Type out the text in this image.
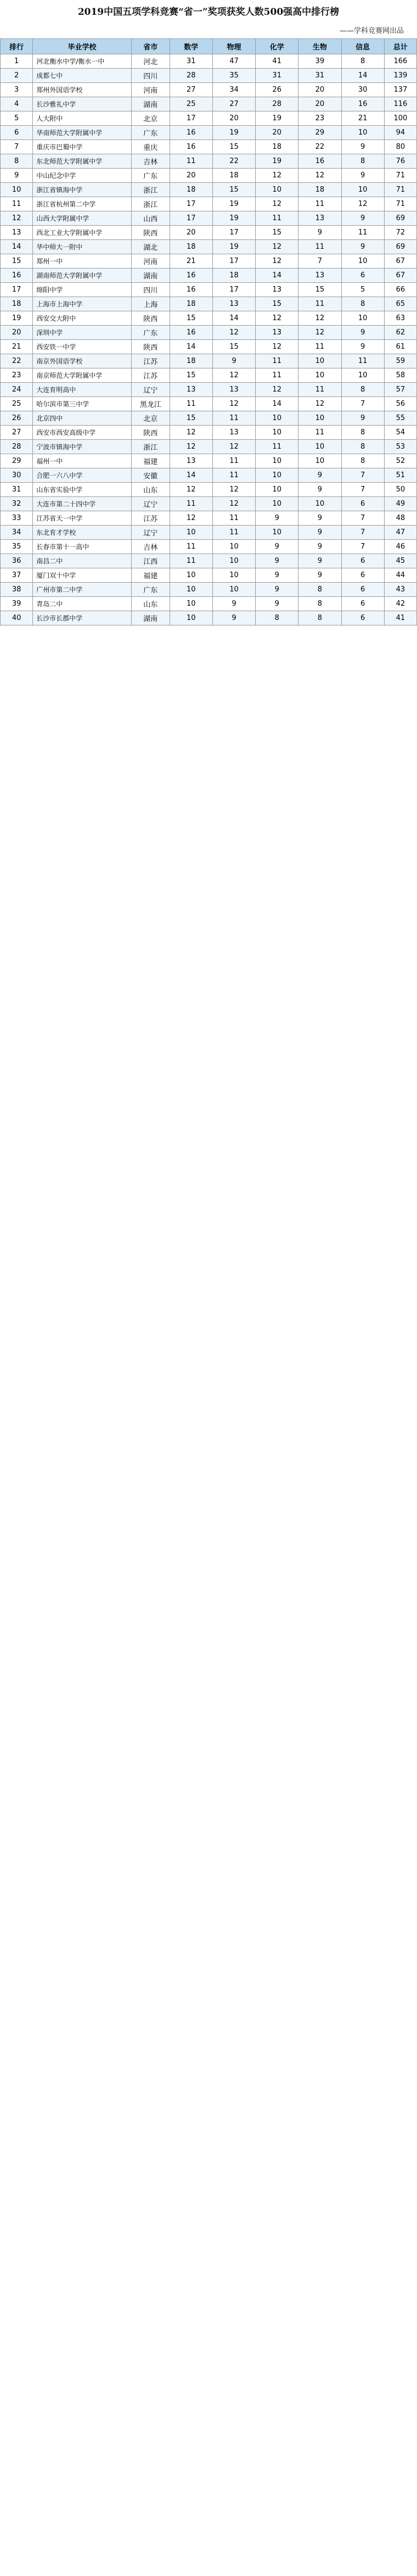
2019中国五项学科竞赛“省一”奖项获奖人数500强高中排行榜
——学科竞赛网出品
排行	毕业学校	省市	数学	物理	化学	生物	信息	总计
1	河北衡水中学/衡水一中	河北	31	47	41	39	8	166
2	成都七中	四川	28	35	31	31	14	139
3	郑州外国语学校	河南	27	34	26	20	30	137
4	长沙雅礼中学	湖南	25	27	28	20	16	116
5	人大附中	北京	17	20	19	23	21	100
6	华南师范大学附属中学	广东	16	19	20	29	10	94
7	重庆市巴蜀中学	重庆	16	15	18	22	9	80
8	东北师范大学附属中学	吉林	11	22	19	16	8	76
9	中山纪念中学	广东	20	18	12	12	9	71
10	浙江省镇海中学	浙江	18	15	10	18	10	71
11	浙江省杭州第二中学	浙江	17	19	12	11	12	71
12	山西大学附属中学	山西	17	19	11	13	9	69
13	西北工业大学附属中学	陕西	20	17	15	9	11	72
14	华中师大一附中	湖北	18	19	12	11	9	69
15	郑州一中	河南	21	17	12	7	10	67
16	湖南师范大学附属中学	湖南	16	18	14	13	6	67
17	绵阳中学	四川	16	17	13	15	5	66
18	上海市上海中学	上海	18	13	15	11	8	65
19	西安交大附中	陕西	15	14	12	12	10	63
20	深圳中学	广东	16	12	13	12	9	62
21	西安铁一中学	陕西	14	15	12	11	9	61
22	南京外国语学校	江苏	18	9	11	10	11	59
23	南京师范大学附属中学	江苏	15	12	11	10	10	58
24	大连育明高中	辽宁	13	13	12	11	8	57
25	哈尔滨市第三中学	黑龙江	11	12	14	12	7	56
26	北京四中	北京	15	11	10	10	9	55
27	西安市西安高级中学	陕西	12	13	10	11	8	54
28	宁波市镇海中学	浙江	12	12	11	10	8	53
29	福州一中	福建	13	11	10	10	8	52
30	合肥一六八中学	安徽	14	11	10	9	7	51
31	山东省实验中学	山东	12	12	10	9	7	50
32	大连市第二十四中学	辽宁	11	12	10	10	6	49
33	江苏省天一中学	江苏	12	11	9	9	7	48
34	东北育才学校	辽宁	10	11	10	9	7	47
35	长春市第十一高中	吉林	11	10	9	9	7	46
36	南昌二中	江西	11	10	9	9	6	45
37	厦门双十中学	福建	10	10	9	9	6	44
38	广州市第二中学	广东	10	10	9	8	6	43
39	青岛二中	山东	10	9	9	8	6	42
40	长沙市长郡中学	湖南	10	9	8	8	6	41
